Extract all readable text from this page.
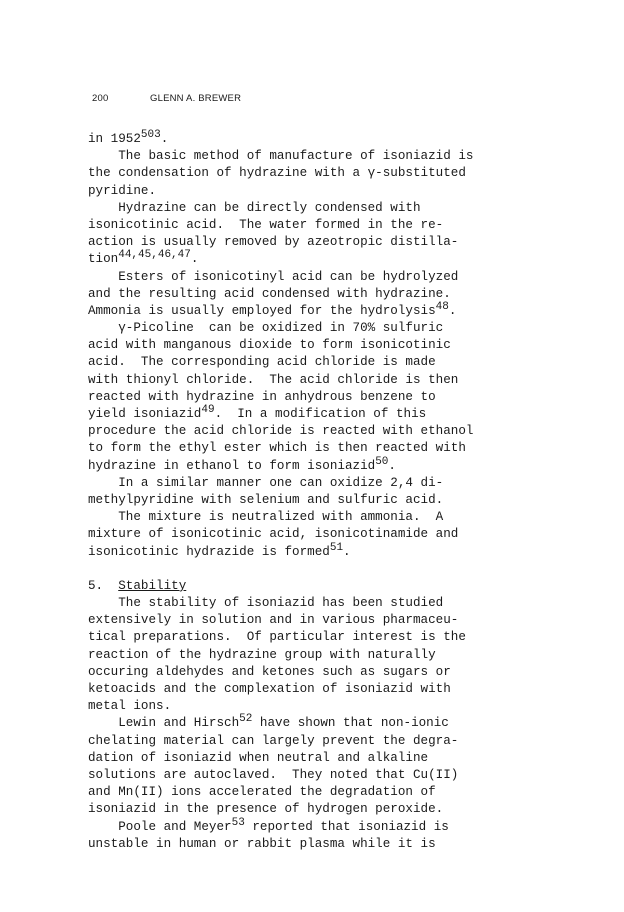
200	GLENN A. BREWER
in 1952$^{503}$.
The basic method of manufacture of isoniazid is
the condensation of hydrazine with a γ-substituted
pyridine.
Hydrazine can be directly condensed with
isonicotinic acid.  The water formed in the re-
action is usually removed by azeotropic distilla-
tion$^{44,45,46,47}$.
Esters of isonicotinyl acid can be hydrolyzed
and the resulting acid condensed with hydrazine.
Ammonia is usually employed for the hydrolysis$^{48}$.
γ-Picoline  can be oxidized in 70% sulfuric
acid with manganous dioxide to form isonicotinic
acid.  The corresponding acid chloride is made
with thionyl chloride.  The acid chloride is then
reacted with hydrazine in anhydrous benzene to
yield isoniazid$^{49}$.  In a modification of this
procedure the acid chloride is reacted with ethanol
to form the ethyl ester which is then reacted with
hydrazine in ethanol to form isoniazid$^{50}$.
In a similar manner one can oxidize 2,4 di-
methylpyridine with selenium and sulfuric acid.
The mixture is neutralized with ammonia.  A
mixture of isonicotinic acid, isonicotinamide and
isonicotinic hydrazide is formed$^{51}$.
5.  Stability
The stability of isoniazid has been studied
extensively in solution and in various pharmaceu-
tical preparations.  Of particular interest is the
reaction of the hydrazine group with naturally
occuring aldehydes and ketones such as sugars or
ketoacids and the complexation of isoniazid with
metal ions.
Lewin and Hirsch$^{52}$ have shown that non-ionic
chelating material can largely prevent the degra-
dation of isoniazid when neutral and alkaline
solutions are autoclaved.  They noted that Cu(II)
and Mn(II) ions accelerated the degradation of
isoniazid in the presence of hydrogen peroxide.
Poole and Meyer$^{53}$ reported that isoniazid is
unstable in human or rabbit plasma while it is
